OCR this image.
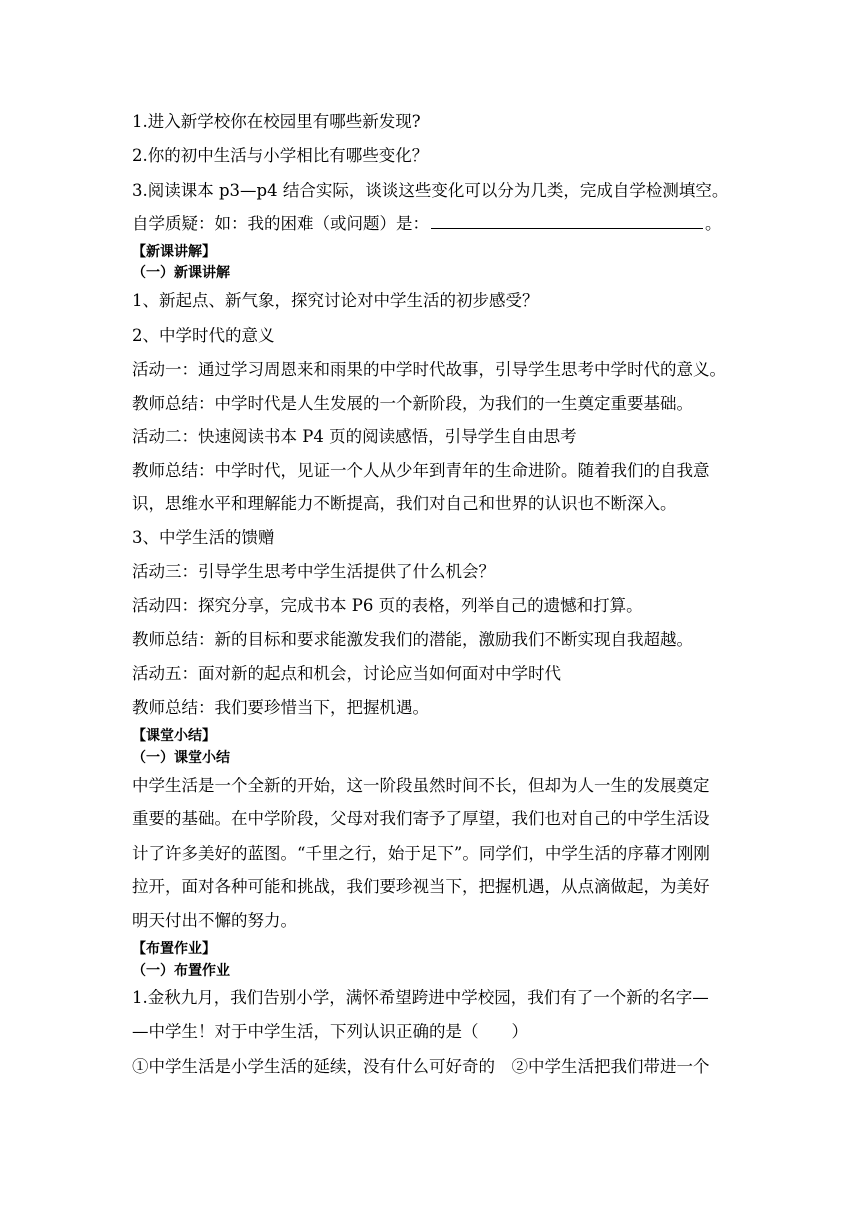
1.进入新学校你在校园里有哪些新发现?
2.你的初中生活与小学相比有哪些变化？
3.阅读课本 p3—p4 结合实际，谈谈这些变化可以分为几类，完成自学检测填空。
自学质疑：如：我的困难（或问题）是：	。
【新课讲解】
（一）新课讲解
1、新起点、新气象，探究讨论对中学生活的初步感受？
2、中学时代的意义
活动一：通过学习周恩来和雨果的中学时代故事，引导学生思考中学时代的意义。
教师总结：中学时代是人生发展的一个新阶段，为我们的一生奠定重要基础。
活动二：快速阅读书本 P4 页的阅读感悟，引导学生自由思考
教师总结：中学时代，见证一个人从少年到青年的生命进阶。随着我们的自我意
识，思维水平和理解能力不断提高，我们对自己和世界的认识也不断深入。
3、中学生活的馈赠
活动三：引导学生思考中学生活提供了什么机会？
活动四：探究分享，完成书本 P6 页的表格，列举自己的遗憾和打算。
教师总结：新的目标和要求能激发我们的潜能，激励我们不断实现自我超越。
活动五：面对新的起点和机会，讨论应当如何面对中学时代
教师总结：我们要珍惜当下，把握机遇。
【课堂小结】
（一）课堂小结
中学生活是一个全新的开始，这一阶段虽然时间不长，但却为人一生的发展奠定
重要的基础。在中学阶段，父母对我们寄予了厚望，我们也对自己的中学生活设
计了许多美好的蓝图。“千里之行，始于足下”。同学们，中学生活的序幕才刚刚
拉开，面对各种可能和挑战，我们要珍视当下，把握机遇，从点滴做起，为美好
明天付出不懈的努力。
【布置作业】
（一）布置作业
1.金秋九月，我们告别小学，满怀希望跨进中学校园，我们有了一个新的名字—
—中学生！对于中学生活，下列认识正确的是（　　）
①中学生活是小学生活的延续，没有什么可好奇的　②中学生活把我们带进一个
